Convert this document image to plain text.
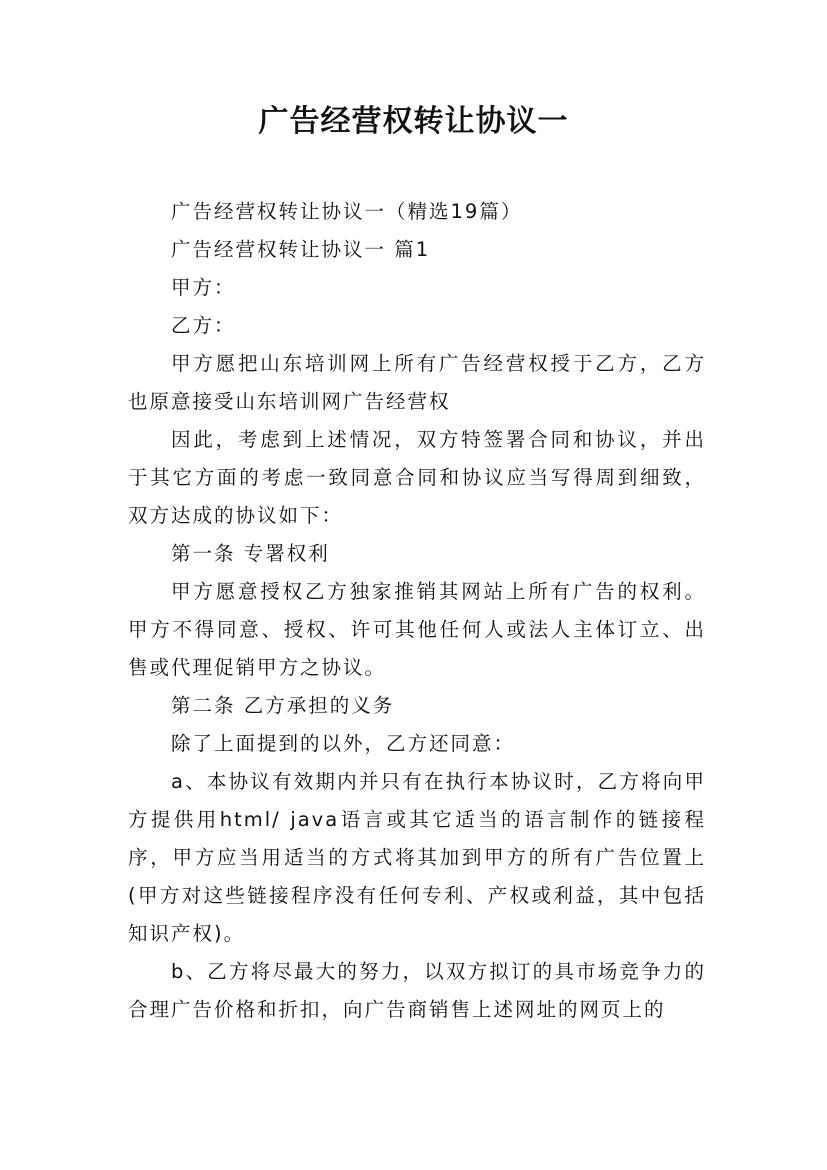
广告经营权转让协议一

广告经营权转让协议一（精选19篇）

广告经营权转让协议一 篇1

甲方：

乙方：

甲方愿把山东培训网上所有广告经营权授于乙方，乙方也原意接受山东培训网广告经营权

因此，考虑到上述情况，双方特签署合同和协议，并出于其它方面的考虑一致同意合同和协议应当写得周到细致，双方达成的协议如下：

第一条 专署权利

甲方愿意授权乙方独家推销其网站上所有广告的权利。甲方不得同意、授权、许可其他任何人或法人主体订立、出售或代理促销甲方之协议。

第二条 乙方承担的义务

除了上面提到的以外，乙方还同意：

a、本协议有效期内并只有在执行本协议时，乙方将向甲方提供用html/ java语言或其它适当的语言制作的链接程序，甲方应当用适当的方式将其加到甲方的所有广告位置上(甲方对这些链接程序没有任何专利、产权或利益，其中包括知识产权)。

b、乙方将尽最大的努力，以双方拟订的具市场竞争力的合理广告价格和折扣，向广告商销售上述网址的网页上的
